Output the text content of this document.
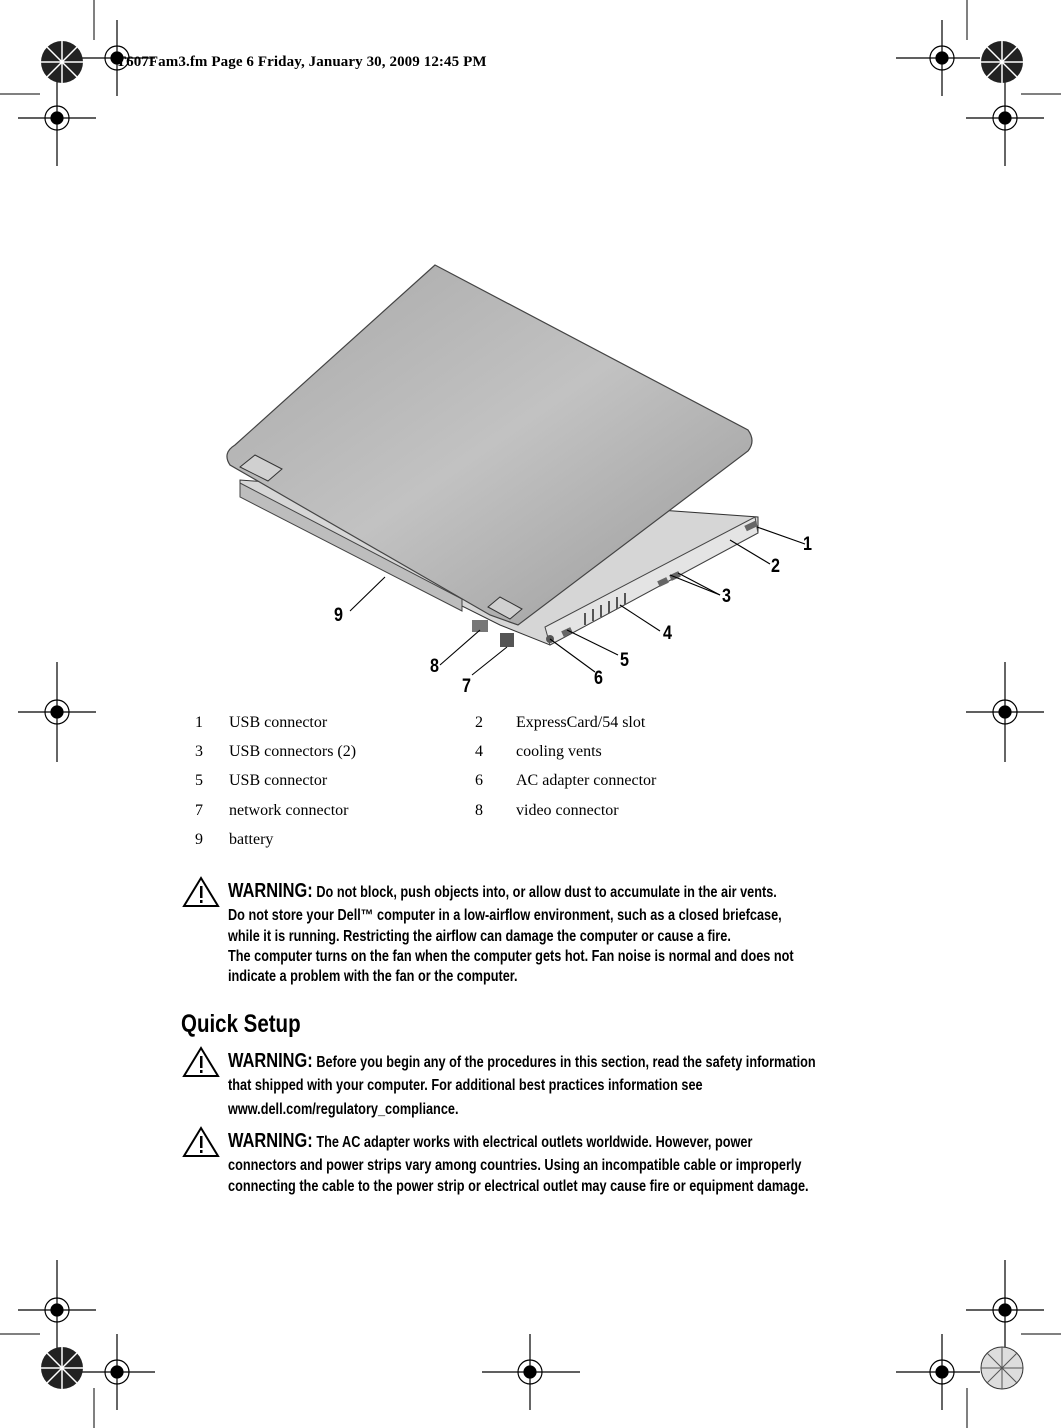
T607Fam3.fm Page 6 Friday, January 30, 2009 12:45 PM
1
2
3
4
5
6
7
8
9
1	USB connector	2	ExpressCard/54 slot
3	USB connectors (2)	4	cooling vents
5	USB connector	6	AC adapter connector
7	network connector	8	video connector
9	battery
WARNING: Do not block, push objects into, or allow dust to accumulate in the air vents.
Do not store your Dell™ computer in a low-airflow environment, such as a closed briefcase,
while it is running. Restricting the airflow can damage the computer or cause a fire.
The computer turns on the fan when the computer gets hot. Fan noise is normal and does not
indicate a problem with the fan or the computer.
Quick Setup
WARNING: Before you begin any of the procedures in this section, read the safety information
that shipped with your computer. For additional best practices information see
www.dell.com/regulatory_compliance.
WARNING: The AC adapter works with electrical outlets worldwide. However, power
connectors and power strips vary among countries. Using an incompatible cable or improperly
connecting the cable to the power strip or electrical outlet may cause fire or equipment damage.
